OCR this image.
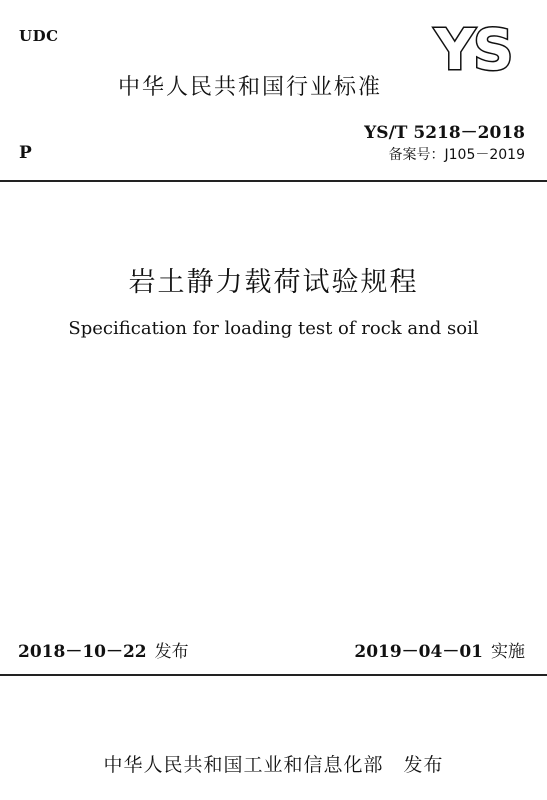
UDC
中华人民共和国行业标准
YS
YS/T 5218－2018
P	备案号：J105－2019
岩土静力载荷试验规程
Specification for loading test of rock and soil
2018－10－22 发布	2019－04－01 实施
中华人民共和国工业和信息化部　发布
